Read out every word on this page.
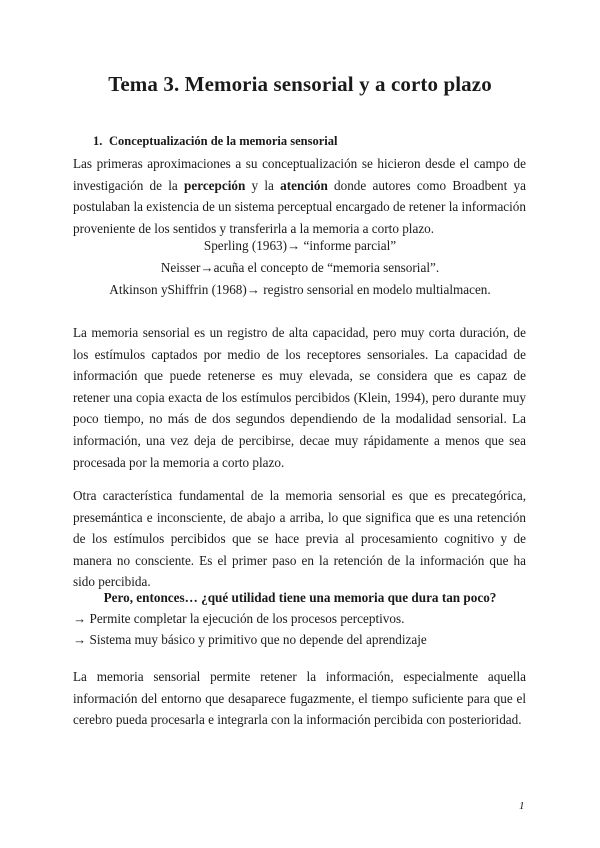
Tema 3. Memoria sensorial y a corto plazo
1. Conceptualización de la memoria sensorial

Las primeras aproximaciones a su conceptualización se hicieron desde el campo de investigación de la percepción y la atención donde autores como Broadbent ya postulaban la existencia de un sistema perceptual encargado de retener la información proveniente de los sentidos y transferirla a la memoria a corto plazo.

Sperling (1963)→ “informe parcial”
Neisser→acuña el concepto de “memoria sensorial”.
Atkinson yShiffrin (1968)→ registro sensorial en modelo multialmacen.

La memoria sensorial es un registro de alta capacidad, pero muy corta duración, de los estímulos captados por medio de los receptores sensoriales. La capacidad de información que puede retenerse es muy elevada, se considera que es capaz de retener una copia exacta de los estímulos percibidos (Klein, 1994), pero durante muy poco tiempo, no más de dos segundos dependiendo de la modalidad sensorial. La información, una vez deja de percibirse, decae muy rápidamente a menos que sea procesada por la memoria a corto plazo.

Otra característica fundamental de la memoria sensorial es que es precategórica, presemántica e inconsciente, de abajo a arriba, lo que significa que es una retención de los estímulos percibidos que se hace previa al procesamiento cognitivo y de manera no consciente. Es el primer paso en la retención de la información que ha sido percibida.

Pero, entonces… ¿qué utilidad tiene una memoria que dura tan poco?
→ Permite completar la ejecución de los procesos perceptivos.
→ Sistema muy básico y primitivo que no depende del aprendizaje

La memoria sensorial permite retener la información, especialmente aquella información del entorno que desaparece fugazmente, el tiempo suficiente para que el cerebro pueda procesarla e integrarla con la información percibida con posterioridad.

1
